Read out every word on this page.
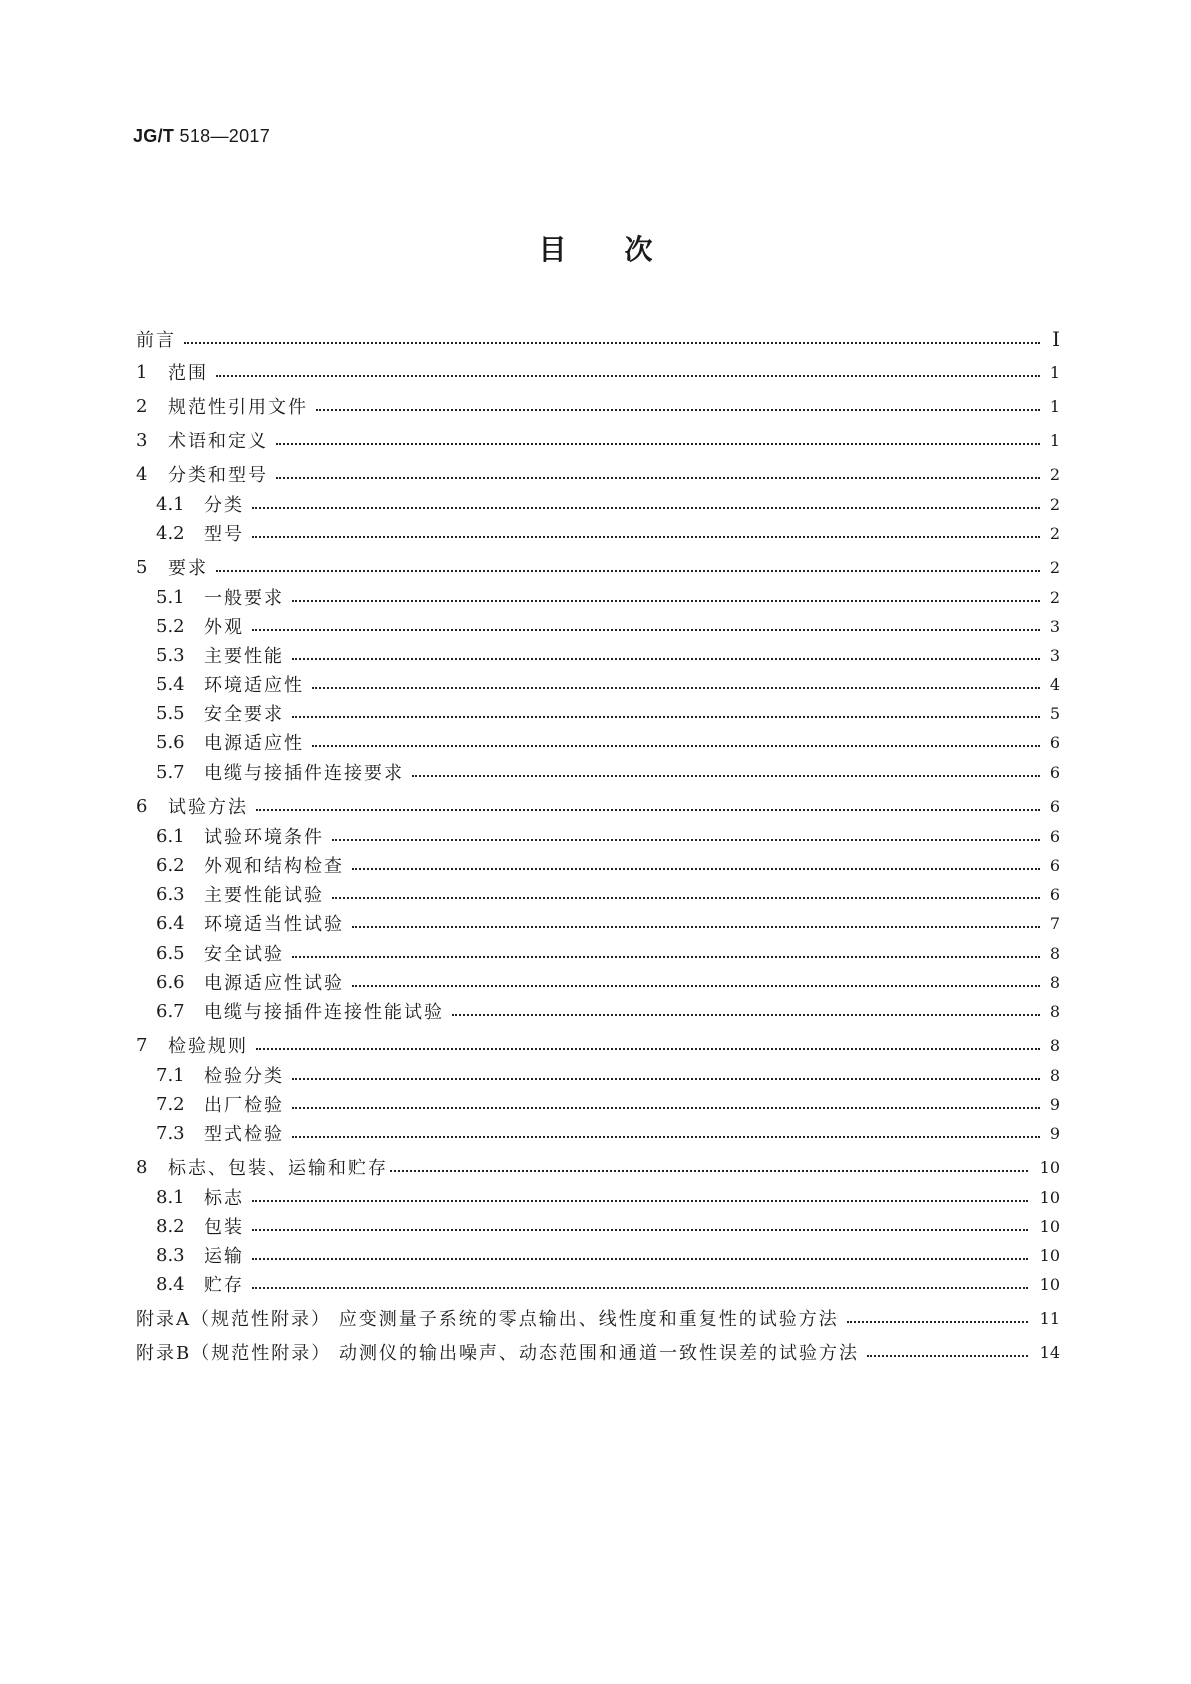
JG/T 518—2017
目次
前言	Ⅰ
1	范围	1
2	规范性引用文件	1
3	术语和定义	1
4	分类和型号	2
4.1	分类	2
4.2	型号	2
5	要求	2
5.1	一般要求	2
5.2	外观	3
5.3	主要性能	3
5.4	环境适应性	4
5.5	安全要求	5
5.6	电源适应性	6
5.7	电缆与接插件连接要求	6
6	试验方法	6
6.1	试验环境条件	6
6.2	外观和结构检查	6
6.3	主要性能试验	6
6.4	环境适当性试验	7
6.5	安全试验	8
6.6	电源适应性试验	8
6.7	电缆与接插件连接性能试验	8
7	检验规则	8
7.1	检验分类	8
7.2	出厂检验	9
7.3	型式检验	9
8	标志、包装、运输和贮存	10
8.1	标志	10
8.2	包装	10
8.3	运输	10
8.4	贮存	10
附录A（规范性附录） 应变测量子系统的零点输出、线性度和重复性的试验方法	11
附录B（规范性附录） 动测仪的输出噪声、动态范围和通道一致性误差的试验方法	14
